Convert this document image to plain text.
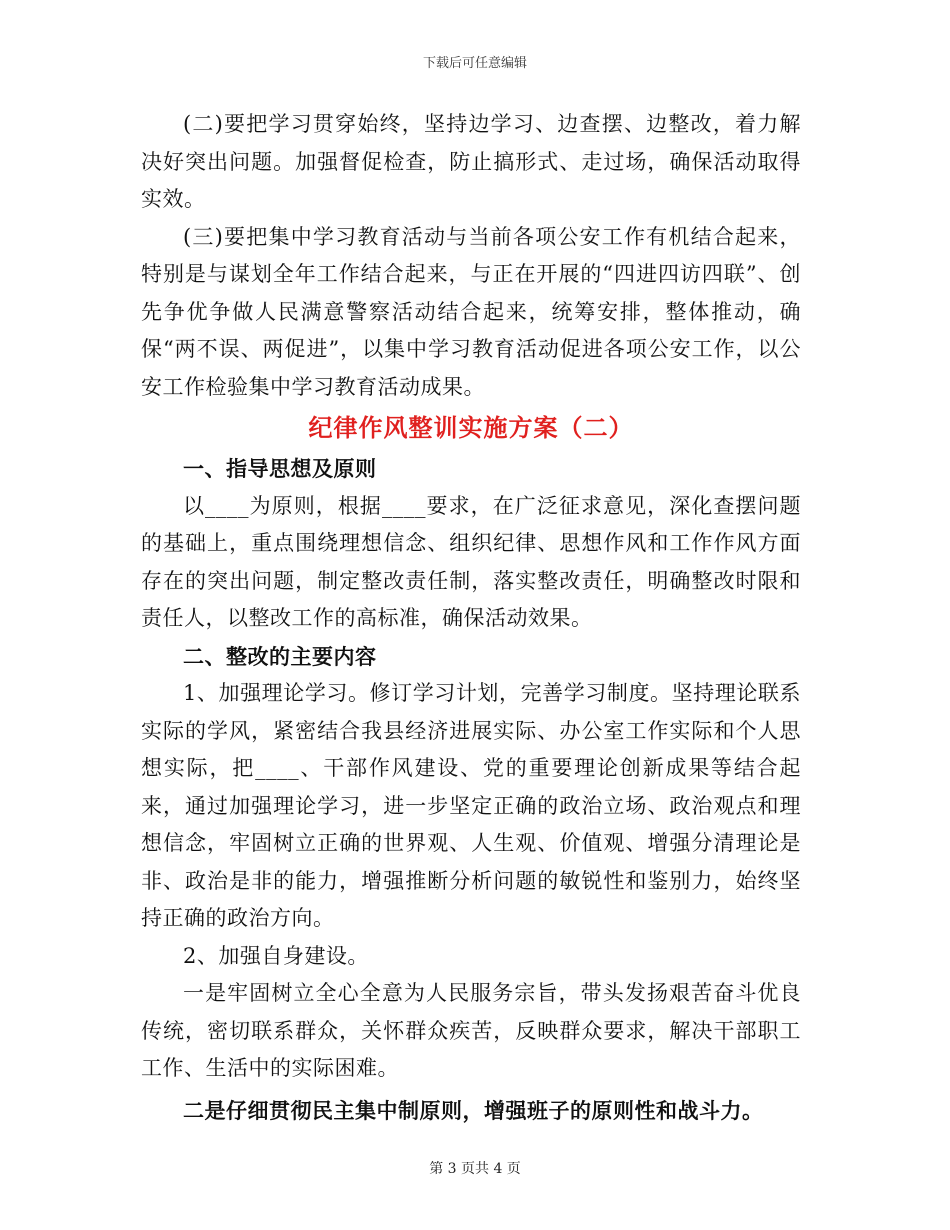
下载后可任意编辑

(二)要把学习贯穿始终，坚持边学习、边查摆、边整改，着力解决好突出问题。加强督促检查，防止搞形式、走过场，确保活动取得实效。

(三)要把集中学习教育活动与当前各项公安工作有机结合起来，特别是与谋划全年工作结合起来，与正在开展的“四进四访四联”、创先争优争做人民满意警察活动结合起来，统筹安排，整体推动，确保“两不误、两促进”，以集中学习教育活动促进各项公安工作，以公安工作检验集中学习教育活动成果。

纪律作风整训实施方案（二）

一、指导思想及原则

以____为原则，根据____要求，在广泛征求意见，深化查摆问题的基础上，重点围绕理想信念、组织纪律、思想作风和工作作风方面存在的突出问题，制定整改责任制，落实整改责任，明确整改时限和责任人，以整改工作的高标准，确保活动效果。

二、整改的主要内容

1、加强理论学习。修订学习计划，完善学习制度。坚持理论联系实际的学风，紧密结合我县经济进展实际、办公室工作实际和个人思想实际，把____、干部作风建设、党的重要理论创新成果等结合起来，通过加强理论学习，进一步坚定正确的政治立场、政治观点和理想信念，牢固树立正确的世界观、人生观、价值观、增强分清理论是非、政治是非的能力，增强推断分析问题的敏锐性和鉴别力，始终坚持正确的政治方向。

2、加强自身建设。

一是牢固树立全心全意为人民服务宗旨，带头发扬艰苦奋斗优良传统，密切联系群众，关怀群众疾苦，反映群众要求，解决干部职工工作、生活中的实际困难。

二是仔细贯彻民主集中制原则，增强班子的原则性和战斗力。

第 3 页共 4 页
